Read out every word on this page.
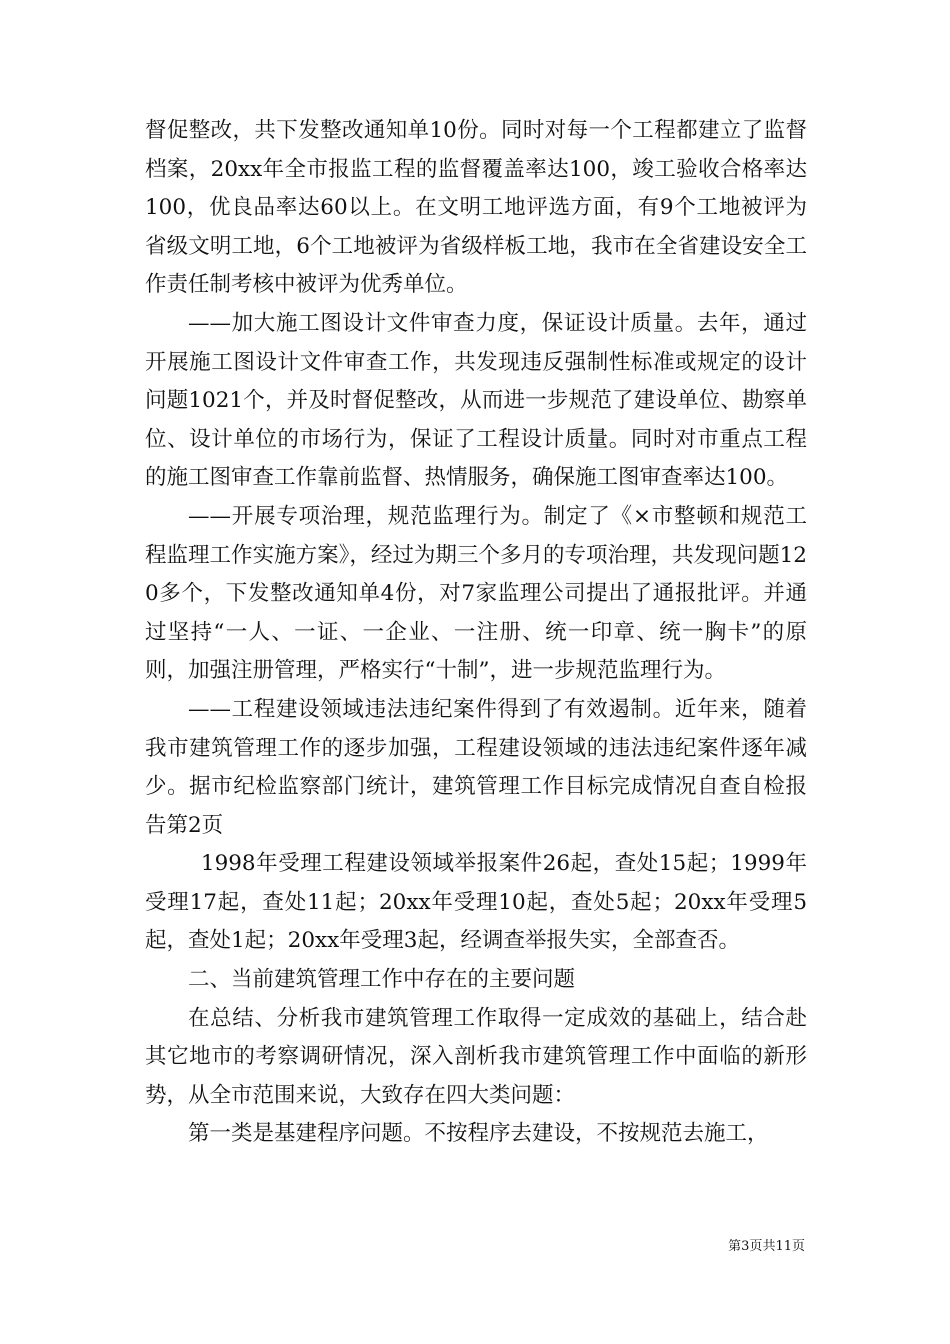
督促整改，共下发整改通知单10份。同时对每一个工程都建立了监督档案，20xx年全市报监工程的监督覆盖率达100，竣工验收合格率达100，优良品率达60以上。在文明工地评选方面，有9个工地被评为省级文明工地，6个工地被评为省级样板工地，我市在全省建设安全工作责任制考核中被评为优秀单位。

——加大施工图设计文件审查力度，保证设计质量。去年，通过开展施工图设计文件审查工作，共发现违反强制性标准或规定的设计问题1021个，并及时督促整改，从而进一步规范了建设单位、勘察单位、设计单位的市场行为，保证了工程设计质量。同时对市重点工程的施工图审查工作靠前监督、热情服务，确保施工图审查率达100。

——开展专项治理，规范监理行为。制定了《×市整顿和规范工程监理工作实施方案》，经过为期三个多月的专项治理，共发现问题120多个，下发整改通知单4份，对7家监理公司提出了通报批评。并通过坚持“一人、一证、一企业、一注册、统一印章、统一胸卡”的原则，加强注册管理，严格实行“十制”，进一步规范监理行为。

——工程建设领域违法违纪案件得到了有效遏制。近年来，随着我市建筑管理工作的逐步加强，工程建设领域的违法违纪案件逐年减少。据市纪检监察部门统计，建筑管理工作目标完成情况自查自检报告第2页

1998年受理工程建设领域举报案件26起，查处15起；1999年受理17起，查处11起；20xx年受理10起，查处5起；20xx年受理5起，查处1起；20xx年受理3起，经调查举报失实，全部查否。

二、当前建筑管理工作中存在的主要问题

在总结、分析我市建筑管理工作取得一定成效的基础上，结合赴其它地市的考察调研情况，深入剖析我市建筑管理工作中面临的新形势，从全市范围来说，大致存在四大类问题：

第一类是基建程序问题。不按程序去建设，不按规范去施工，

第3页共11页
